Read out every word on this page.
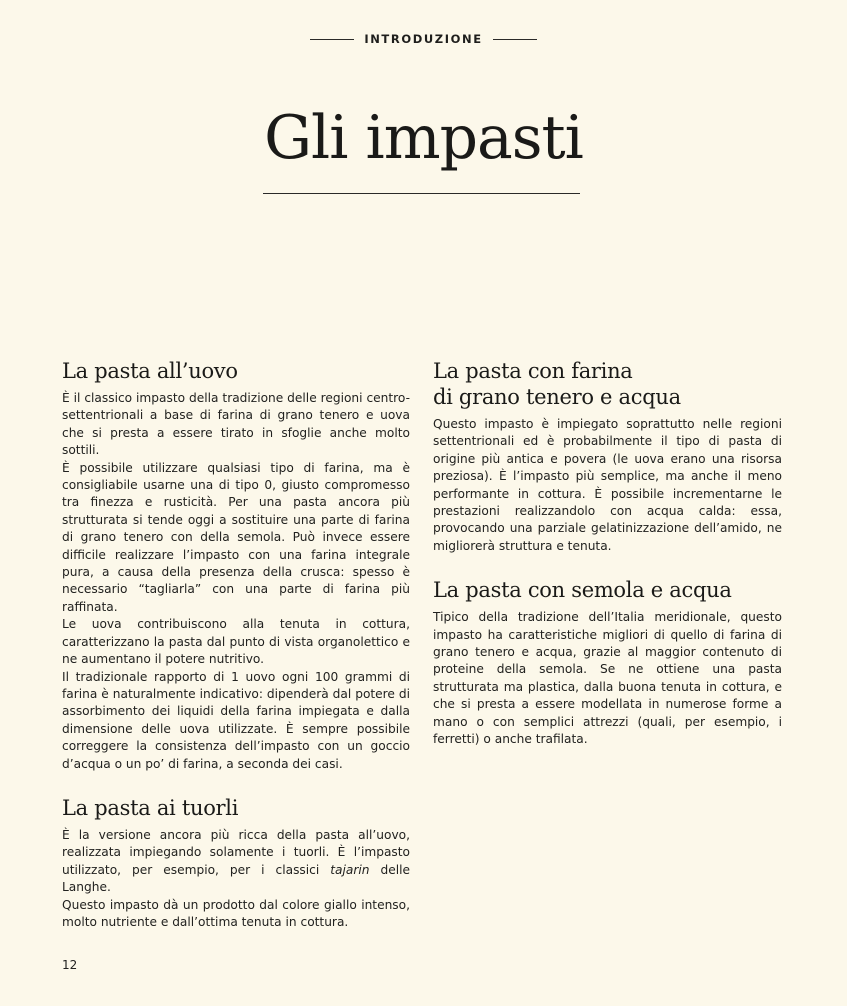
INTRODUZIONE
Gli impasti
La pasta all’uovo

È il classico impasto della tradizione delle regioni centro-settentrionali a base di farina di grano tenero e uova che si presta a essere tirato in sfoglie anche molto sottili.

È possibile utilizzare qualsiasi tipo di farina, ma è consigliabile usarne una di tipo 0, giusto compromesso tra finezza e rusticità. Per una pasta ancora più strutturata si tende oggi a sostituire una parte di farina di grano tenero con della semola. Può invece essere difficile realizzare l’impasto con una farina integrale pura, a causa della presenza della crusca: spesso è necessario “tagliarla” con una parte di farina più raffinata.

Le uova contribuiscono alla tenuta in cottura, caratterizzano la pasta dal punto di vista organolettico e ne aumentano il potere nutritivo.

Il tradizionale rapporto di 1 uovo ogni 100 grammi di farina è naturalmente indicativo: dipenderà dal potere di assorbimento dei liquidi della farina impiegata e dalla dimensione delle uova utilizzate. È sempre possibile correggere la consistenza dell’impasto con un goccio d’acqua o un po’ di farina, a seconda dei casi.

La pasta ai tuorli

È la versione ancora più ricca della pasta all’uovo, realizzata impiegando solamente i tuorli. È l’impasto utilizzato, per esempio, per i classici tajarin delle Langhe.

Questo impasto dà un prodotto dal colore giallo intenso, molto nutriente e dall’ottima tenuta in cottura.

La pasta con farina
di grano tenero e acqua

Questo impasto è impiegato soprattutto nelle regioni settentrionali ed è probabilmente il tipo di pasta di origine più antica e povera (le uova erano una risorsa preziosa). È l’impasto più semplice, ma anche il meno performante in cottura. È possibile incrementarne le prestazioni realizzandolo con acqua calda: essa, provocando una parziale gelatinizzazione dell’amido, ne migliorerà struttura e tenuta.

La pasta con semola e acqua

Tipico della tradizione dell’Italia meridionale, questo impasto ha caratteristiche migliori di quello di farina di grano tenero e acqua, grazie al maggior contenuto di proteine della semola. Se ne ottiene una pasta strutturata ma plastica, dalla buona tenuta in cottura, e che si presta a essere modellata in numerose forme a mano o con semplici attrezzi (quali, per esempio, i ferretti) o anche trafilata.

12
